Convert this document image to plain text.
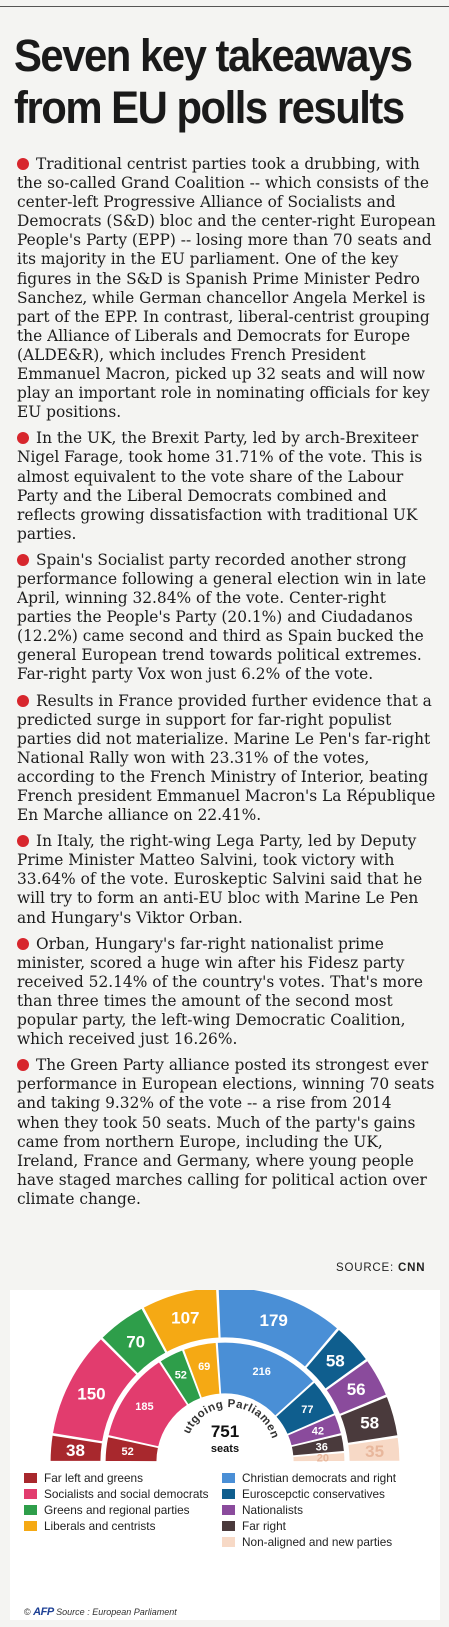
Seven key takeaways
from EU polls results

Traditional centrist parties took a drubbing, with the so-called Grand Coalition -- which consists of the center-left Progressive Alliance of Socialists and Democrats (S&D) bloc and the center-right European People's Party (EPP) -- losing more than 70 seats and its majority in the EU parliament. One of the key figures in the S&D is Spanish Prime Minister Pedro Sanchez, while German chancellor Angela Merkel is part of the EPP. In contrast, liberal-centrist grouping the Alliance of Liberals and Democrats for Europe (ALDE&R), which includes French President Emmanuel Macron, picked up 32 seats and will now play an important role in nominating officials for key EU positions.

In the UK, the Brexit Party, led by arch-Brexiteer Nigel Farage, took home 31.71% of the vote. This is almost equivalent to the vote share of the Labour Party and the Liberal Democrats combined and reflects growing dissatisfaction with traditional UK parties.

Spain's Socialist party recorded another strong performance following a general election win in late April, winning 32.84% of the vote. Center-right parties the People's Party (20.1%) and Ciudadanos (12.2%) came second and third as Spain bucked the general European trend towards political extremes. Far-right party Vox won just 6.2% of the vote.

Results in France provided further evidence that a predicted surge in support for far-right populist parties did not materialize. Marine Le Pen's far-right National Rally won with 23.31% of the votes, according to the French Ministry of Interior, beating French president Emmanuel Macron's La République En Marche alliance on 22.41%.

In Italy, the right-wing Lega Party, led by Deputy Prime Minister Matteo Salvini, took victory with 33.64% of the vote. Euroskeptic Salvini said that he will try to form an anti-EU bloc with Marine Le Pen and Hungary's Viktor Orban.

Orban, Hungary's far-right nationalist prime minister, scored a huge win after his Fidesz party received 52.14% of the country's votes. That's more than three times the amount of the second most popular party, the left-wing Democratic Coalition, which received just 16.26%.

The Green Party alliance posted its strongest ever performance in European elections, winning 70 seats and taking 9.32% of the vote -- a rise from 2014 when they took 50 seats. Much of the party's gains came from northern Europe, including the UK, Ireland, France and Germany, where young people have staged marches calling for political action over climate change.

SOURCE: CNN
38
150
70
107	179
58
56
58
35
52
185
52
69	216
77
42
36
20
utgoing Parliamen
751
seats
Far left and greens
Socialists and social democrats
Greens and regional parties
Liberals and centrists
Christian democrats and right
Euroscepctic conservatives
Nationalists
Far right
Non-aligned and new parties
© AFP Source : European Parliament
